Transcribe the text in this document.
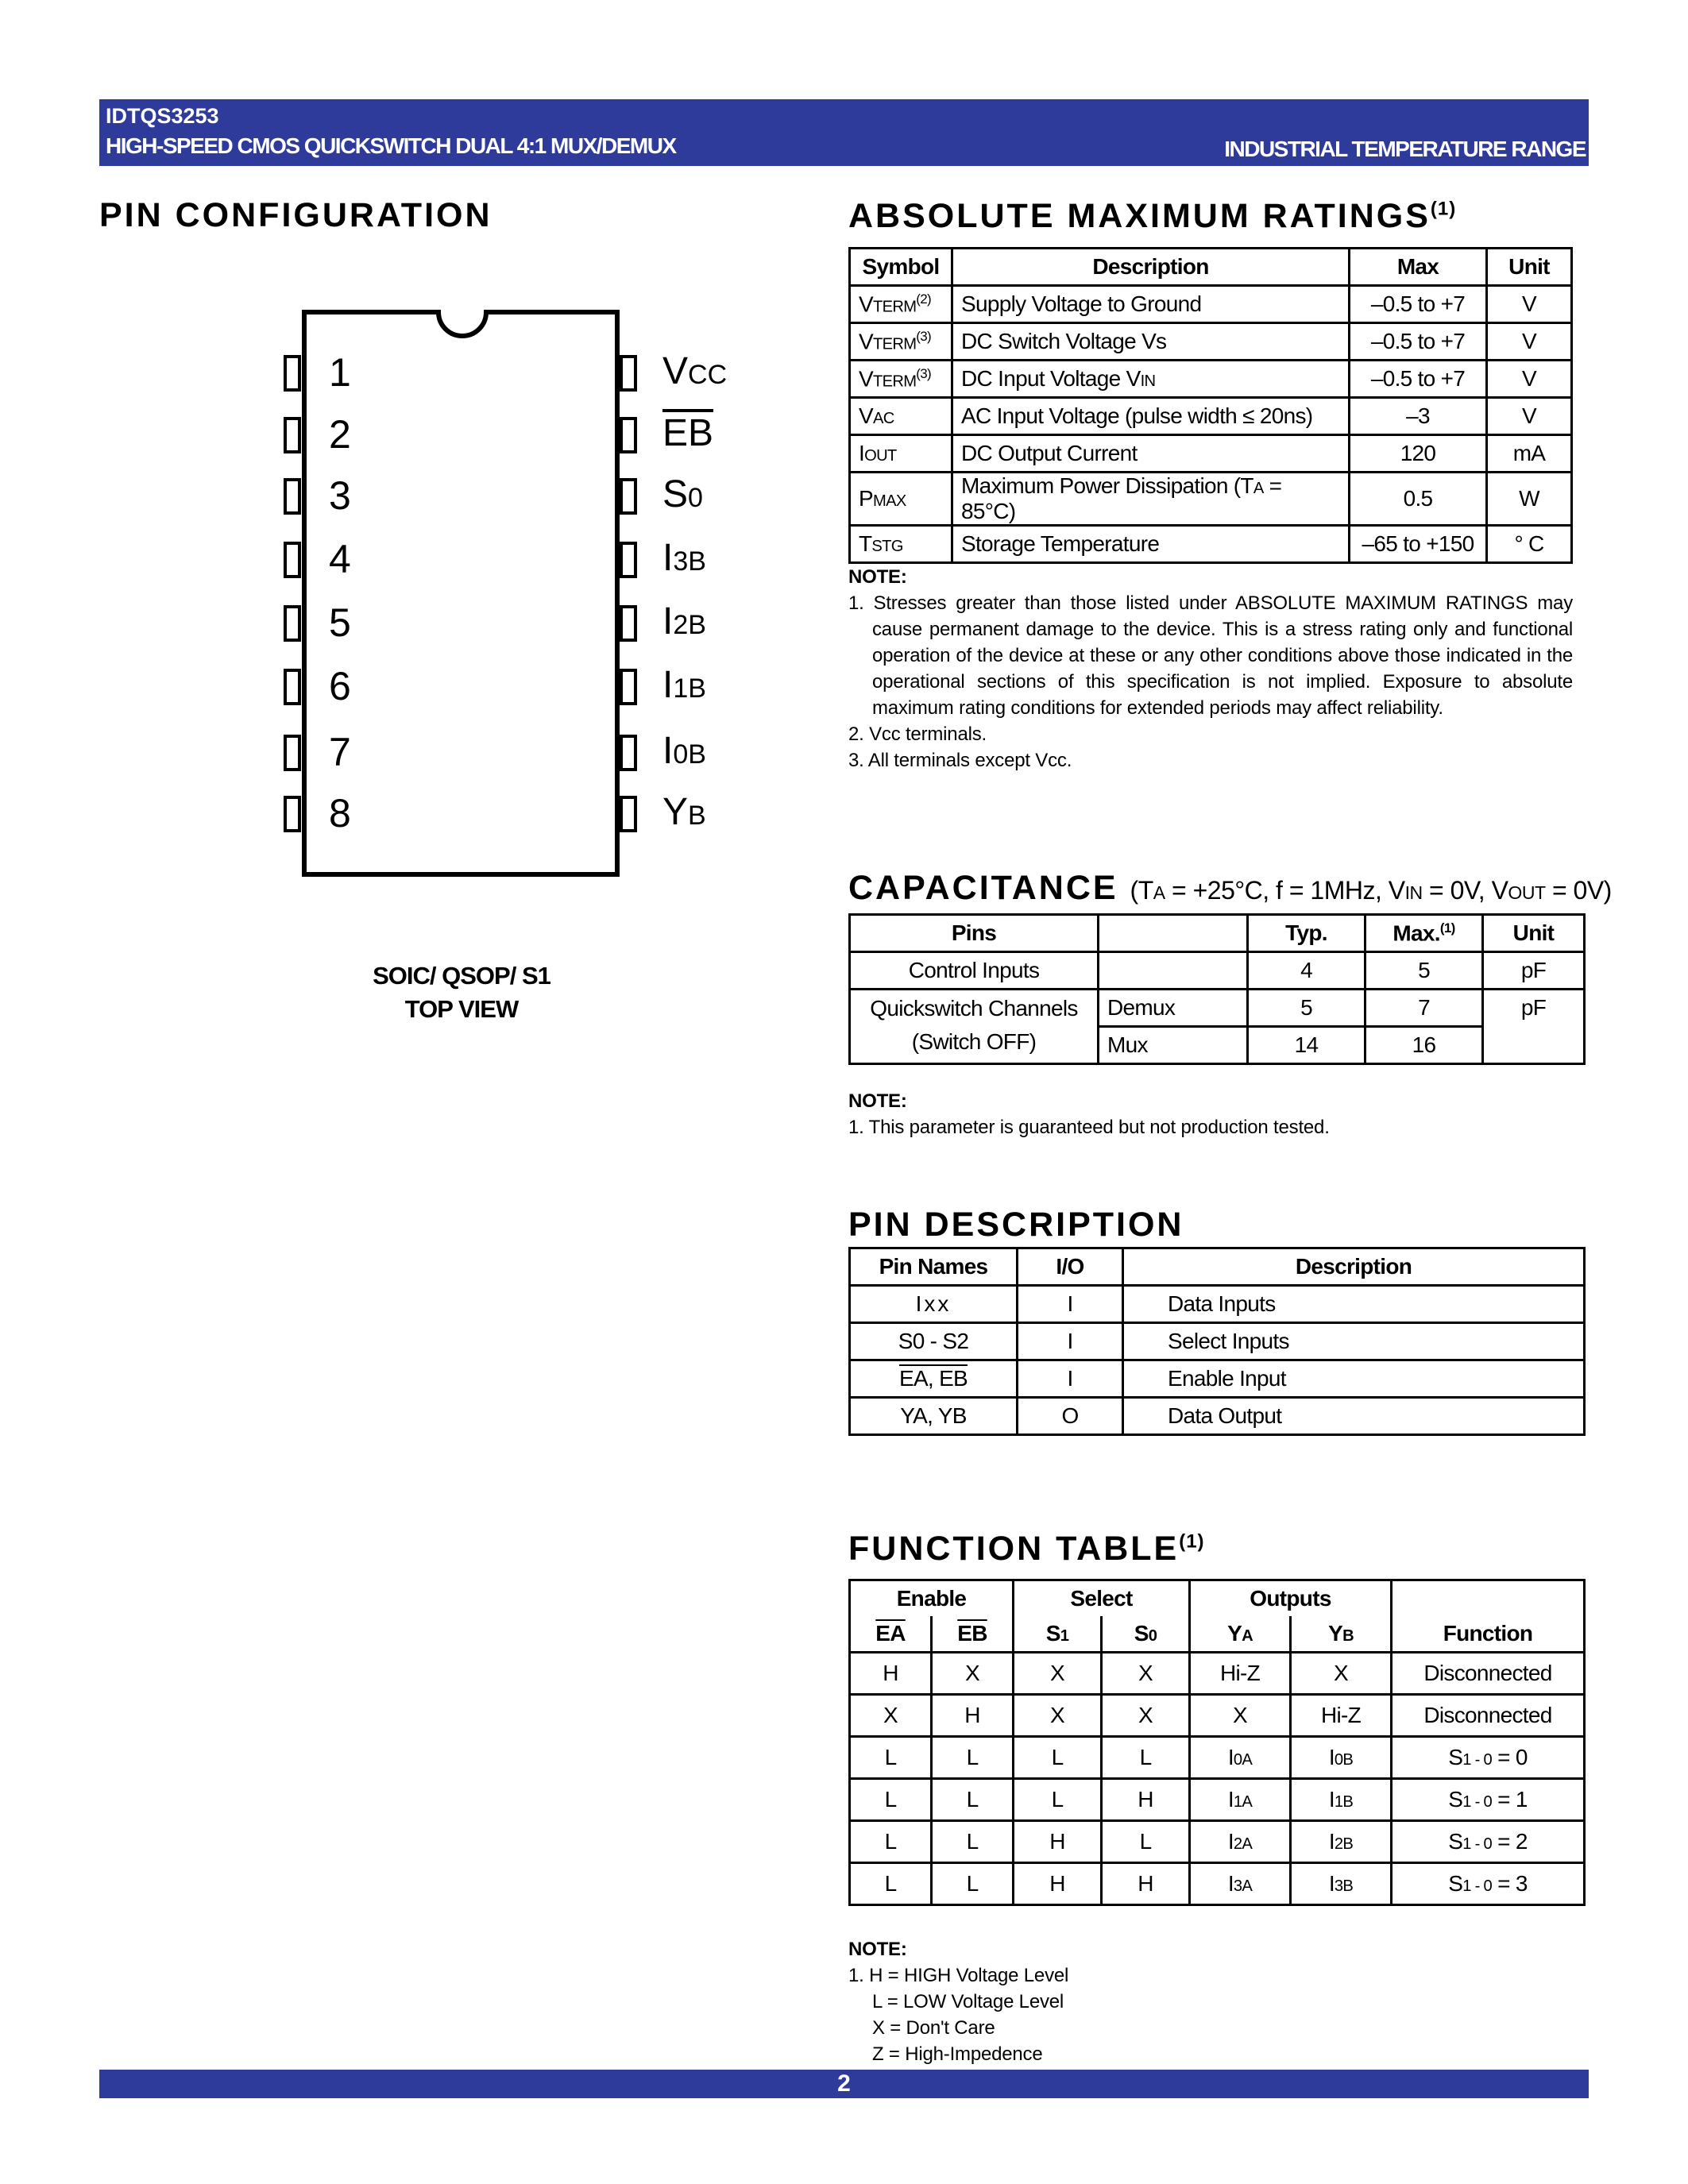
IDTQS3253
HIGH-SPEED CMOS QUICKSWITCH DUAL 4:1 MUX/DEMUX	INDUSTRIAL TEMPERATURE RANGE
PIN CONFIGURATION
1
2
3
4
5
6
7
8
VCC
$\overline{EB}$
S0
I3B
I2B
I1B
I0B
YB
SOIC/ QSOP/ S1
TOP VIEW
ABSOLUTE MAXIMUM RATINGS$^{(1)}$
Symbol	Description	Max	Unit
VTERM$^{(2)}$	Supply Voltage to Ground	–0.5 to +7	V
VTERM$^{(3)}$	DC Switch Voltage Vs	–0.5 to +7	V
VTERM$^{(3)}$	DC Input Voltage VIN	–0.5 to +7	V
VAC	AC Input Voltage (pulse width ≤ 20ns)	–3	V
IOUT	DC Output Current	120	mA
PMAX	Maximum Power Dissipation (TA = 85°C)	0.5	W
TSTG	Storage Temperature	–65 to +150	° C
NOTE:
1. Stresses greater than those listed under ABSOLUTE MAXIMUM RATINGS may cause permanent damage to the device. This is a stress rating only and functional operation of the device at these or any other conditions above those indicated in the operational sections of this specification is not implied. Exposure to absolute maximum rating conditions for extended periods may affect reliability.
2. Vcc terminals.
3. All terminals except Vcc.
CAPACITANCE (TA = +25°C, f = 1MHz, VIN = 0V, VOUT = 0V)
Pins		Typ.	Max.$^{(1)}$	Unit
Control Inputs		4	5	pF

Quickswitch Channels
(Switch OFF)	Demux	5	7	pF
	Mux	14	16	
NOTE:
1. This parameter is guaranteed but not production tested.
PIN DESCRIPTION
Pin Names	I/O	Description
Ixx	I	Data Inputs
S0 - S2	I	Select Inputs
EA, EB	I	Enable Input
YA, YB	O	Data Output
FUNCTION TABLE$^{(1)}$
Enable		Select		Outputs		Function
$\overline{EA}$	$\overline{EB}$	S1	S0	YA	YB	
H	X	X	X	Hi-Z	X	Disconnected
X	H	X	X	X	Hi-Z	Disconnected
L	L	L	L	I0A	I0B	S1 - 0 = 0
L	L	L	H	I1A	I1B	S1 - 0 = 1
L	L	H	L	I2A	I2B	S1 - 0 = 2
L	L	H	H	I3A	I3B	S1 - 0 = 3
NOTE:
1. H = HIGH Voltage Level
L = LOW Voltage Level
X = Don't Care
Z = High-Impedence
2
